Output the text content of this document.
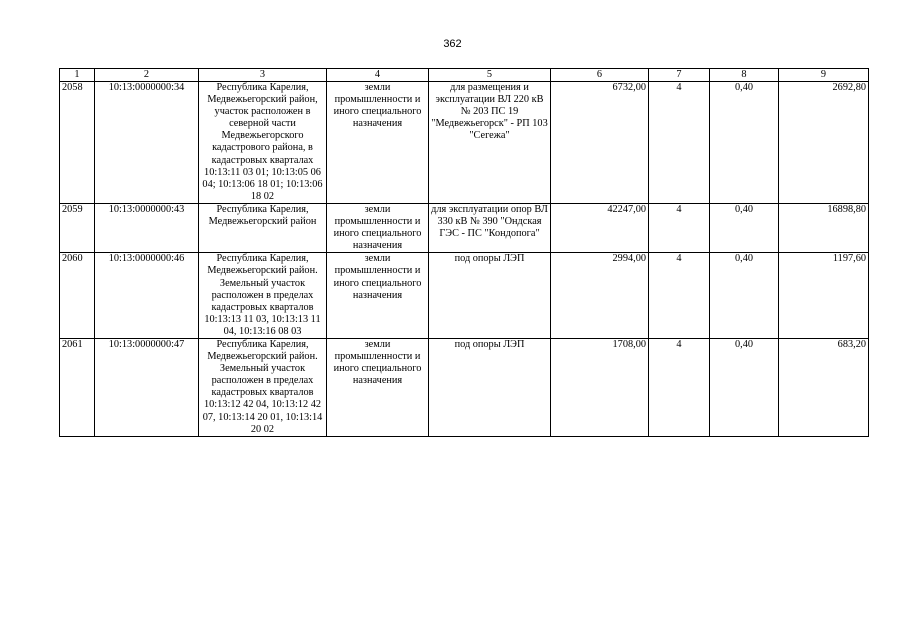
362
1	2	3	4	5	6	7	8	9
2058	10:13:0000000:34	Республика Карелия, Медвежьегорский район, участок расположен в северной части Медвежьегорского кадастрового района, в кадастровых кварталах 10:13:11 03 01; 10:13:05 06 04; 10:13:06 18 01; 10:13:06 18 02	земли промышленности и иного специального назначения	для размещения и эксплуатации ВЛ 220 кВ № 203 ПС 19 "Медвежьегорск" - РП 103 "Сегежа"	6732,00	4	0,40	2692,80
2059	10:13:0000000:43	Республика Карелия, Медвежьегорский район	земли промышленности и иного специального назначения	для эксплуатации опор ВЛ 330 кВ № 390 "Ондская ГЭС - ПС "Кондопога"	42247,00	4	0,40	16898,80
2060	10:13:0000000:46	Республика Карелия, Медвежьегорский район. Земельный участок расположен в пределах кадастровых кварталов 10:13:13 11 03, 10:13:13 11 04, 10:13:16 08 03	земли промышленности и иного специального назначения	под опоры ЛЭП	2994,00	4	0,40	1197,60
2061	10:13:0000000:47	Республика Карелия, Медвежьегорский район. Земельный участок расположен в пределах кадастровых кварталов 10:13:12 42 04, 10:13:12 42 07, 10:13:14 20 01, 10:13:14 20 02	земли промышленности и иного специального назначения	под опоры ЛЭП	1708,00	4	0,40	683,20
